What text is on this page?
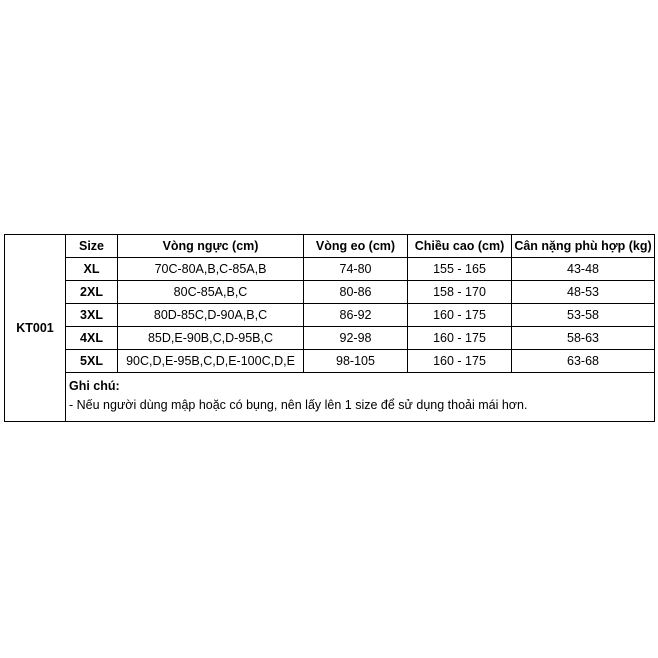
KT001	Size	Vòng ngực (cm)	Vòng eo (cm)	Chiều cao (cm)	Cân nặng phù hợp (kg)
	XL	70C-80A,B,C-85A,B	74-80	155 - 165	43-48
	2XL	80C-85A,B,C	80-86	158 - 170	48-53
	3XL	80D-85C,D-90A,B,C	86-92	160 - 175	53-58
	4XL	85D,E-90B,C,D-95B,C	92-98	160 - 175	58-63
	5XL	90C,D,E-95B,C,D,E-100C,D,E	98-105	160 - 175	63-68

	Ghi chú:
- Nếu người dùng mập hoặc có bụng, nên lấy lên 1 size để sử dụng thoải mái hơn.				
